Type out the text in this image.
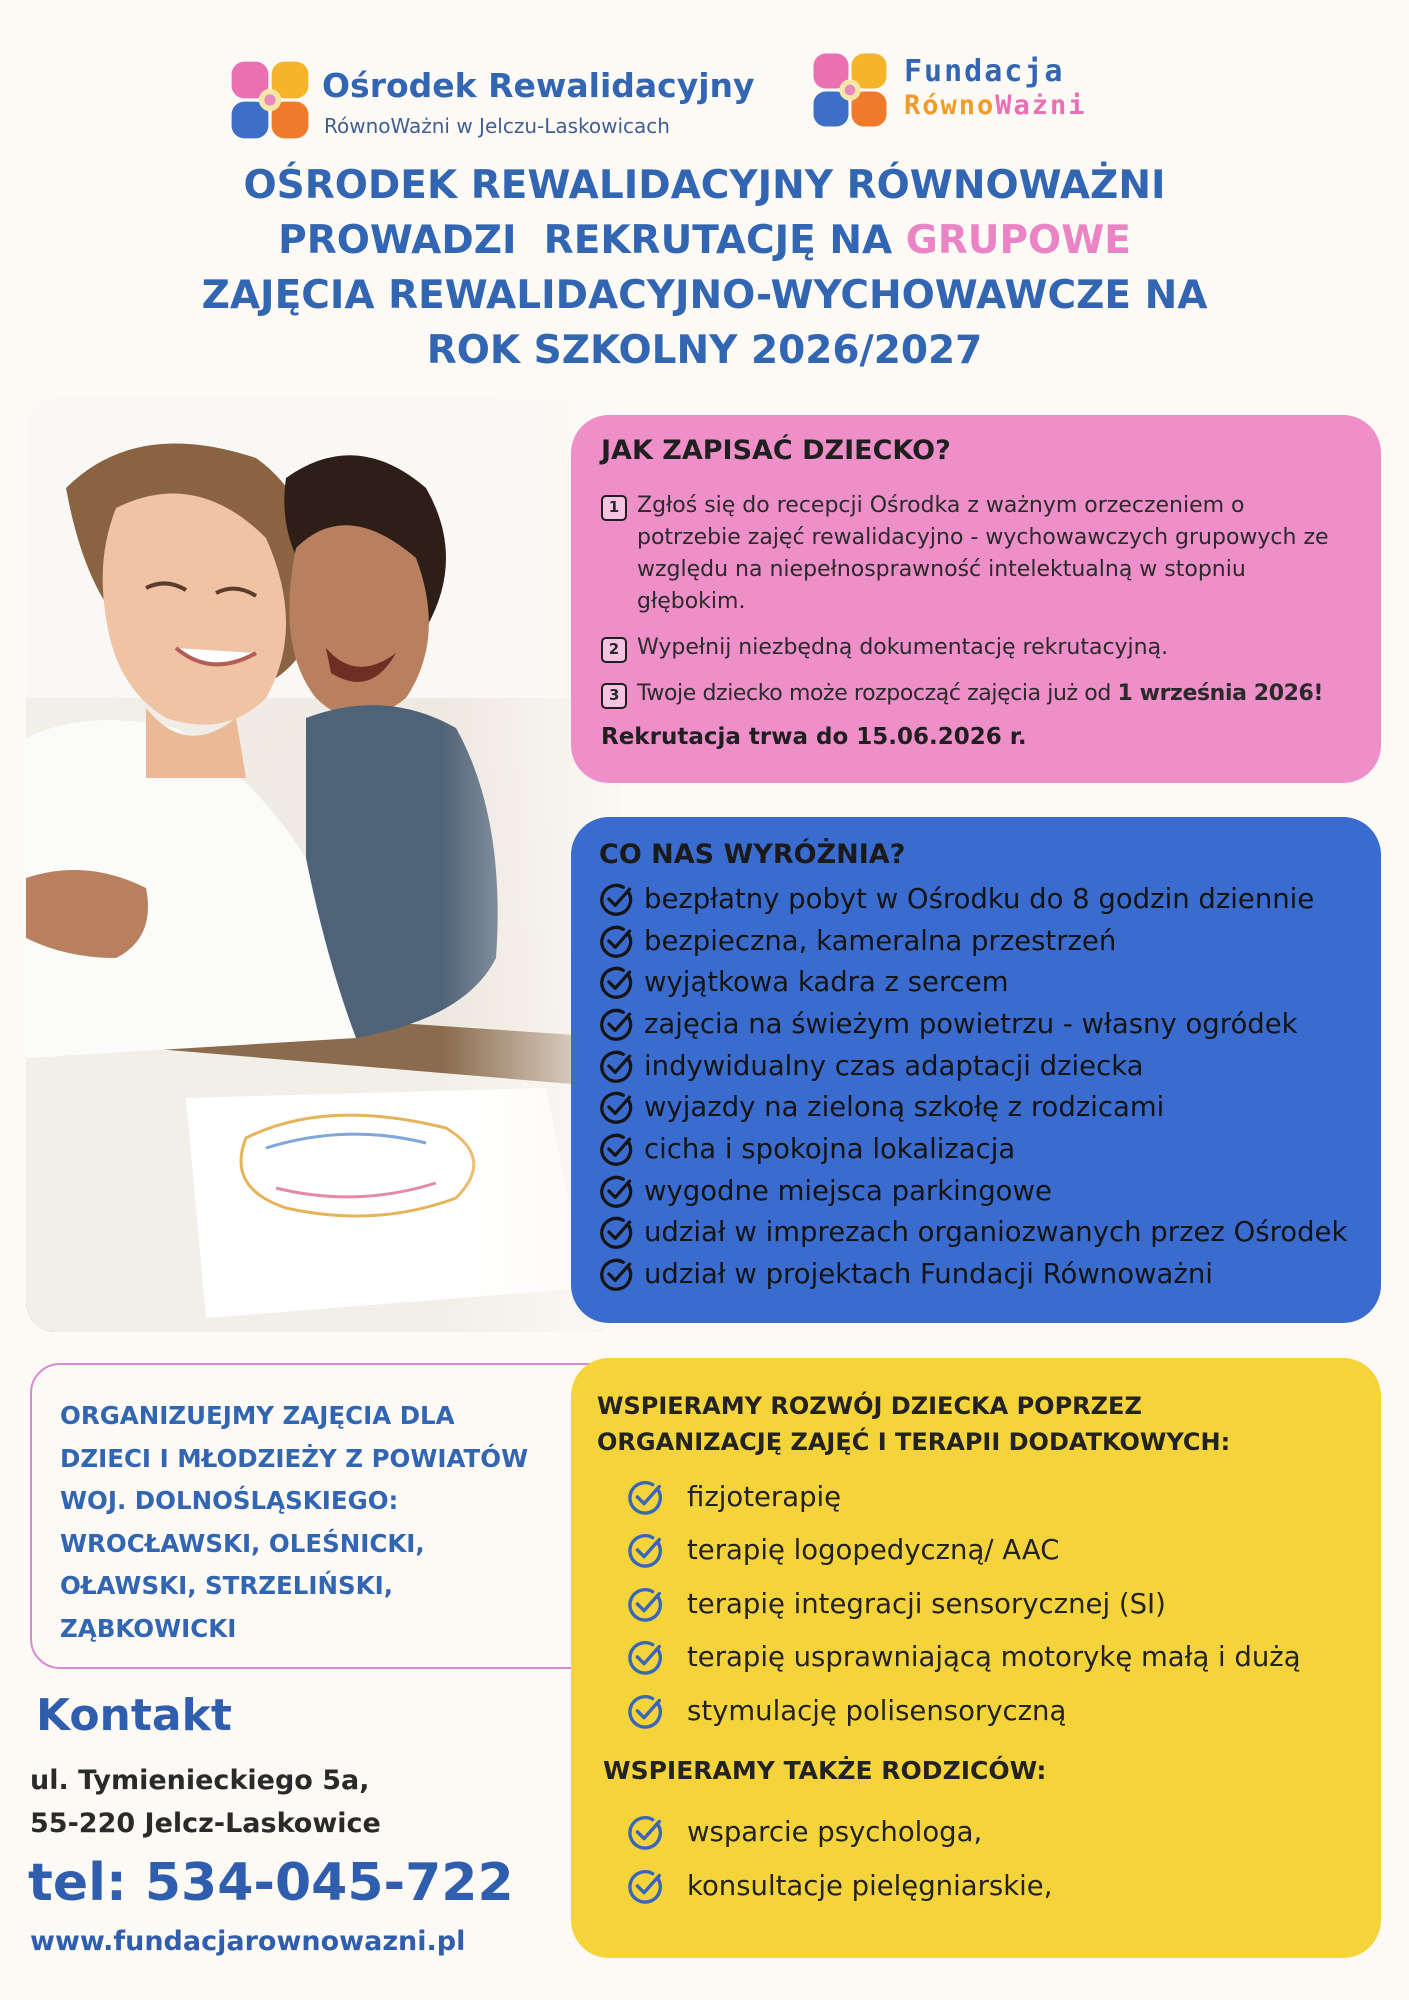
Ośrodek Rewalidacyjny
RównoWażni w Jelczu-Laskowicach
Fundacja
RównoWażni
OŚRODEK REWALIDACYJNY RÓWNOWAŻNI
PROWADZI  REKRUTACJĘ NA GRUPOWE
ZAJĘCIA REWALIDACYJNO-WYCHOWAWCZE NA
ROK SZKOLNY 2026/2027
JAK ZAPISAĆ DZIECKO?
1 Zgłoś się do recepcji Ośrodka z ważnym orzeczeniem o potrzebie zajęć rewalidacyjno - wychowawczych grupowych ze względu na niepełnosprawność intelektualną w stopniu głębokim.
2 Wypełnij niezbędną dokumentację rekrutacyjną.
3 Twoje dziecko może rozpocząć zajęcia już od 1 września 2026!
Rekrutacja trwa do 15.06.2026 r.
CO NAS WYRÓŻNIA?
bezpłatny pobyt w Ośrodku do 8 godzin dziennie
bezpieczna, kameralna przestrzeń
wyjątkowa kadra z sercem
zajęcia na świeżym powietrzu - własny ogródek
indywidualny czas adaptacji dziecka
wyjazdy na zieloną szkołę z rodzicami
cicha i spokojna lokalizacja
wygodne miejsca parkingowe
udział w imprezach organiozwanych przez Ośrodek
udział w projektach Fundacji Równoważni
ORGANIZUEJMY ZAJĘCIA DLA
DZIECI I MŁODZIEŻY Z POWIATÓW
WOJ. DOLNOŚLĄSKIEGO:
WROCŁAWSKI, OLEŚNICKI,
OŁAWSKI, STRZELIŃSKI,
ZĄBKOWICKI
WSPIERAMY ROZWÓJ DZIECKA POPRZEZ
ORGANIZACJĘ ZAJĘĆ I TERAPII DODATKOWYCH:
fizjoterapię
terapię logopedyczną/ AAC
terapię integracji sensorycznej (SI)
terapię usprawniającą motorykę małą i dużą
stymulację polisensoryczną
WSPIERAMY TAKŻE RODZICÓW:
wsparcie psychologa,
konsultacje pielęgniarskie,
Kontakt
ul. Tymienieckiego 5a,
55-220 Jelcz-Laskowice
tel: 534-045-722
www.fundacjarownowazni.pl
